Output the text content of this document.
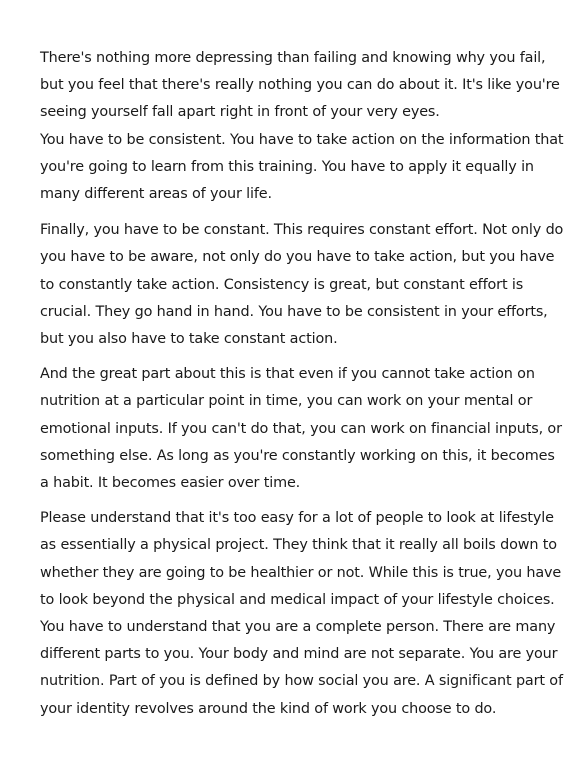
There's nothing more depressing than failing and knowing why you fail, but you feel that there's really nothing you can do about it. It's like you're seeing yourself fall apart right in front of your very eyes.

You have to be consistent. You have to take action on the information that you're going to learn from this training. You have to apply it equally in many different areas of your life.

Finally, you have to be constant. This requires constant effort. Not only do you have to be aware, not only do you have to take action, but you have to constantly take action. Consistency is great, but constant effort is crucial. They go hand in hand. You have to be consistent in your efforts, but you also have to take constant action.

And the great part about this is that even if you cannot take action on nutrition at a particular point in time, you can work on your mental or emotional inputs. If you can't do that, you can work on financial inputs, or something else. As long as you're constantly working on this, it becomes a habit. It becomes easier over time.

Please understand that it's too easy for a lot of people to look at lifestyle as essentially a physical project. They think that it really all boils down to whether they are going to be healthier or not. While this is true, you have to look beyond the physical and medical impact of your lifestyle choices.

You have to understand that you are a complete person. There are many different parts to you. Your body and mind are not separate. You are your nutrition. Part of you is defined by how social you are. A significant part of your identity revolves around the kind of work you choose to do.
